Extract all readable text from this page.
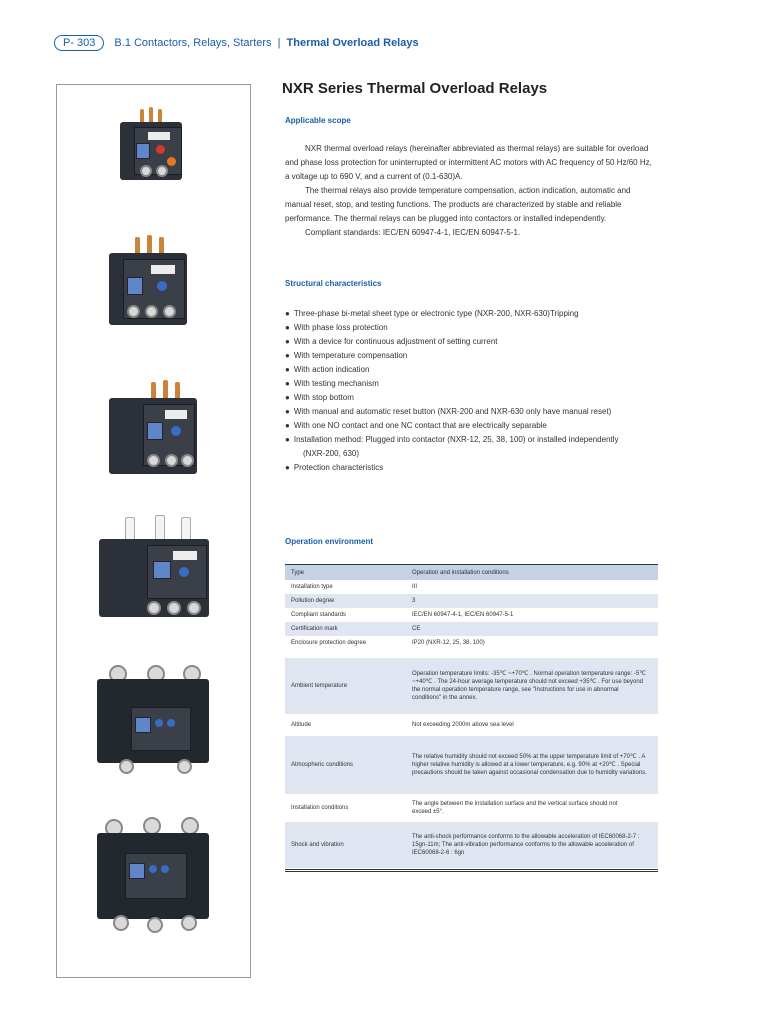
P- 303	B.1 Contactors, Relays, Starters | Thermal Overload Relays
NXR Series Thermal Overload Relays
Applicable scope

NXR thermal overload relays (hereinafter abbreviated as thermal relays) are suitable for overload and phase loss protection for uninterrupted or intermittent AC motors with AC frequency of 50 Hz/60 Hz, a voltage up to 690 V, and a current of (0.1-630)A.

The thermal relays also provide temperature compensation, action indication, automatic and manual reset, stop, and testing functions. The products are characterized by stable and reliable performance. The thermal relays can be plugged into contactors or installed independently.

Compliant standards: IEC/EN 60947-4-1, IEC/EN 60947-5-1.

Structural characteristics
● Three-phase bi-metal sheet type or electronic type (NXR-200, NXR-630)Tripping
● With phase loss protection
● With a device for continuous adjustment of setting current
● With temperature compensation
● With action indication
● With testing mechanism
● With stop bottom
● With manual and automatic reset button (NXR-200 and NXR-630 only have manual reset)
● With one NO contact and one NC contact that are electrically separable
● Installation method: Plugged into contactor (NXR-12, 25, 38, 100) or installed independently
(NXR-200, 630)
● Protection characteristics
Operation environment
Type	Operation and installation conditions
Installation type	III
Pollution degree	3
Compliant standards	IEC/EN 60947-4-1, IEC/EN 60947-5-1
Certification mark	CE
Enclosure protection degree	IP20 (NXR-12, 25, 38, 100)

Ambient temperature	Operation temperature limits: -35℃ ~+70℃ . Normal operation temperature range: -5℃ ~+40℃ . The 24-hour average temperature should not exceed +35℃ . For use beyond the normal operation temperature range, see "Instructions for use in abnormal conditions" in the annex.
Altitude	Not exceeding 2000m above sea level
Atmospheric conditions	The relative humidity should not exceed 50% at the upper temperature limit of +70℃ . A higher relative humidity is allowed at a lower temperature, e.g. 90% at +20℃ . Special precautions should be taken against occasional condensation due to humidity variations.
Installation conditions	The angle between the installation surface and the vertical surface should not exceed ±5°.
Shock and vibration	The anti-shock performance conforms to the allowable acceleration of IEC60068-2-7 : 15gn-11m; The anti-vibration performance conforms to the allowable acceleration of IEC60068-2-6 : 6gn
